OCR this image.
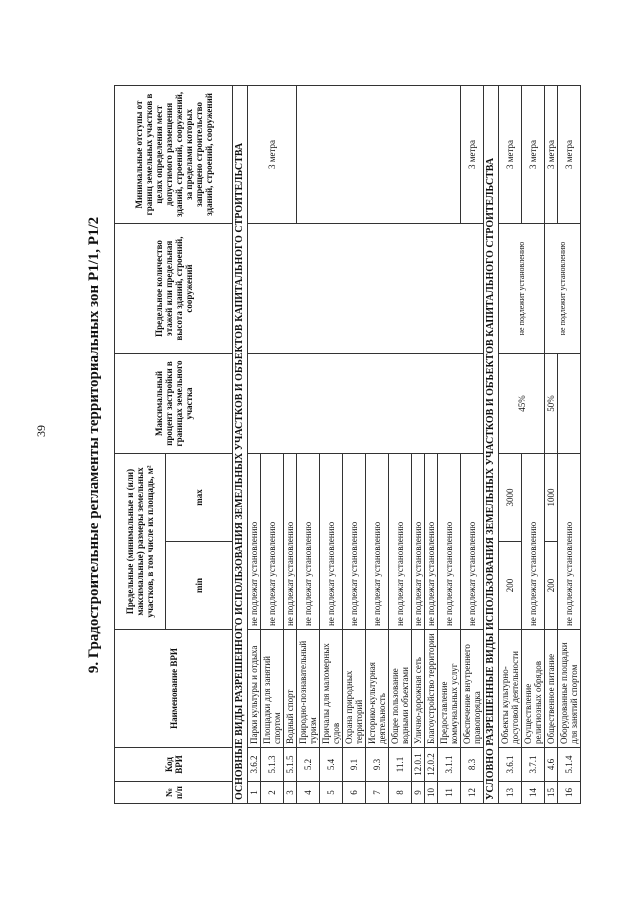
39	9. Градостроительные регламенты территориальных зон Р1/1, Р1/2
№ п/п	Код ВРИ	Наименование ВРИ	Предельные (минимальные и (или) максимальные) размеры земельных участков, в том числе их площадь, м²		Максимальный процент застройки в границах земельного участка	Предельное количество этажей или предельная высота зданий, строений, сооружений	Минимальные отступы от границ земельных участков в целях определения мест допустимого размещения зданий, строений, сооружений, за пределами которых запрещено строительство зданий, строений, сооружений
			min	max			
ОСНОВНЫЕ ВИДЫ РАЗРЕШЕННОГО ИСПОЛЬЗОВАНИЯ ЗЕМЕЛЬНЫХ УЧАСТКОВ И ОБЪЕКТОВ КАПИТАЛЬНОГО СТРОИТЕЛЬСТВА							
1	3.6.2	Парки культуры и отдыха	не подлежат установлению				3 метра
2	5.1.3	Площадки для занятий спортом	не подлежат установлению				
3	5.1.5	Водный спорт	не подлежат установлению				
4	5.2	Природно-познавательный туризм	не подлежат установлению				
5	5.4	Причалы для маломерных судов	не подлежат установлению				
6	9.1	Охрана природных территорий	не подлежат установлению				
7	9.3	Историко-культурная деятельность	не подлежат установлению				
8	11.1	Общее пользование водными объектами	не подлежат установлению				
9	12.0.1	Улично-дорожная сеть	не подлежат установлению				
10	12.0.2	Благоустройство территории	не подлежат установлению				
11	3.1.1	Предоставление коммунальных услуг	не подлежат установлению				
12	8.3	Обеспечение внутреннего правопорядка	не подлежат установлению				3 метра
УСЛОВНО РАЗРЕШЕННЫЕ ВИДЫ ИСПОЛЬЗОВАНИЯ ЗЕМЕЛЬНЫХ УЧАСТКОВ И ОБЪЕКТОВ КАПИТАЛЬНОГО СТРОИТЕЛЬСТВА							
13	3.6.1	Объекты культурно-досуговой деятельности	200	3000	45%	не подлежит установлению	3 метра
14	3.7.1	Осуществление религиозных обрядов	не подлежат установлению				3 метра
15	4.6	Общественное питание	200	1000	50%	не подлежит установлению	3 метра
16	5.1.4	Оборудованные площадки для занятий спортом	не подлежат установлению				3 метра
